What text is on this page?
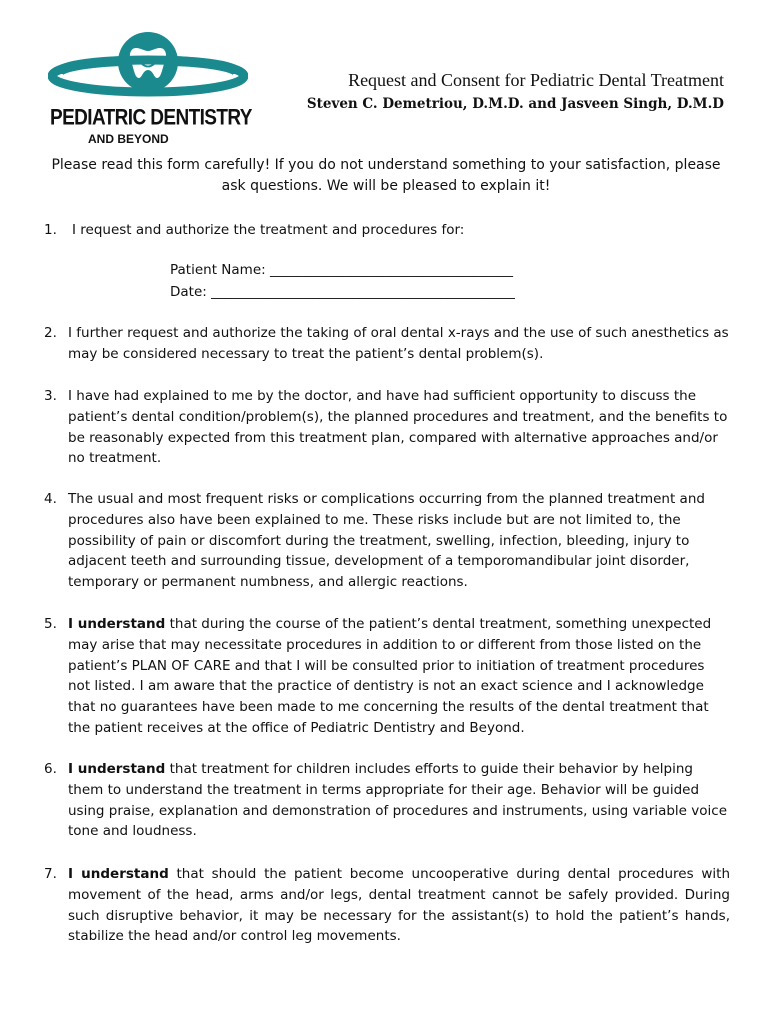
PEDIATRIC DENTISTRY
AND BEYOND
Request and Consent for Pediatric Dental Treatment
Steven C. Demetriou, D.M.D. and Jasveen Singh, D.M.D
Please read this form carefully! If you do not understand something to your satisfaction, please ask questions. We will be pleased to explain it!
1. I request and authorize the treatment and procedures for:
Patient Name: ____________________________________
Date: _____________________________________________
2. I further request and authorize the taking of oral dental x-rays and the use of such anesthetics as may be considered necessary to treat the patient’s dental problem(s).
3. I have had explained to me by the doctor, and have had sufficient opportunity to discuss the patient’s dental condition/problem(s), the planned procedures and treatment, and the benefits to be reasonably expected from this treatment plan, compared with alternative approaches and/or no treatment.
4. The usual and most frequent risks or complications occurring from the planned treatment and procedures also have been explained to me. These risks include but are not limited to, the possibility of pain or discomfort during the treatment, swelling, infection, bleeding, injury to adjacent teeth and surrounding tissue, development of a temporomandibular joint disorder, temporary or permanent numbness, and allergic reactions.
5. I understand that during the course of the patient’s dental treatment, something unexpected may arise that may necessitate procedures in addition to or different from those listed on the patient’s PLAN OF CARE and that I will be consulted prior to initiation of treatment procedures not listed. I am aware that the practice of dentistry is not an exact science and I acknowledge that no guarantees have been made to me concerning the results of the dental treatment that the patient receives at the office of Pediatric Dentistry and Beyond.
6. I understand that treatment for children includes efforts to guide their behavior by helping them to understand the treatment in terms appropriate for their age. Behavior will be guided using praise, explanation and demonstration of procedures and instruments, using variable voice tone and loudness.
7. I understand that should the patient become uncooperative during dental procedures with movement of the head, arms and/or legs, dental treatment cannot be safely provided. During such disruptive behavior, it may be necessary for the assistant(s) to hold the patient’s hands, stabilize the head and/or control leg movements.
